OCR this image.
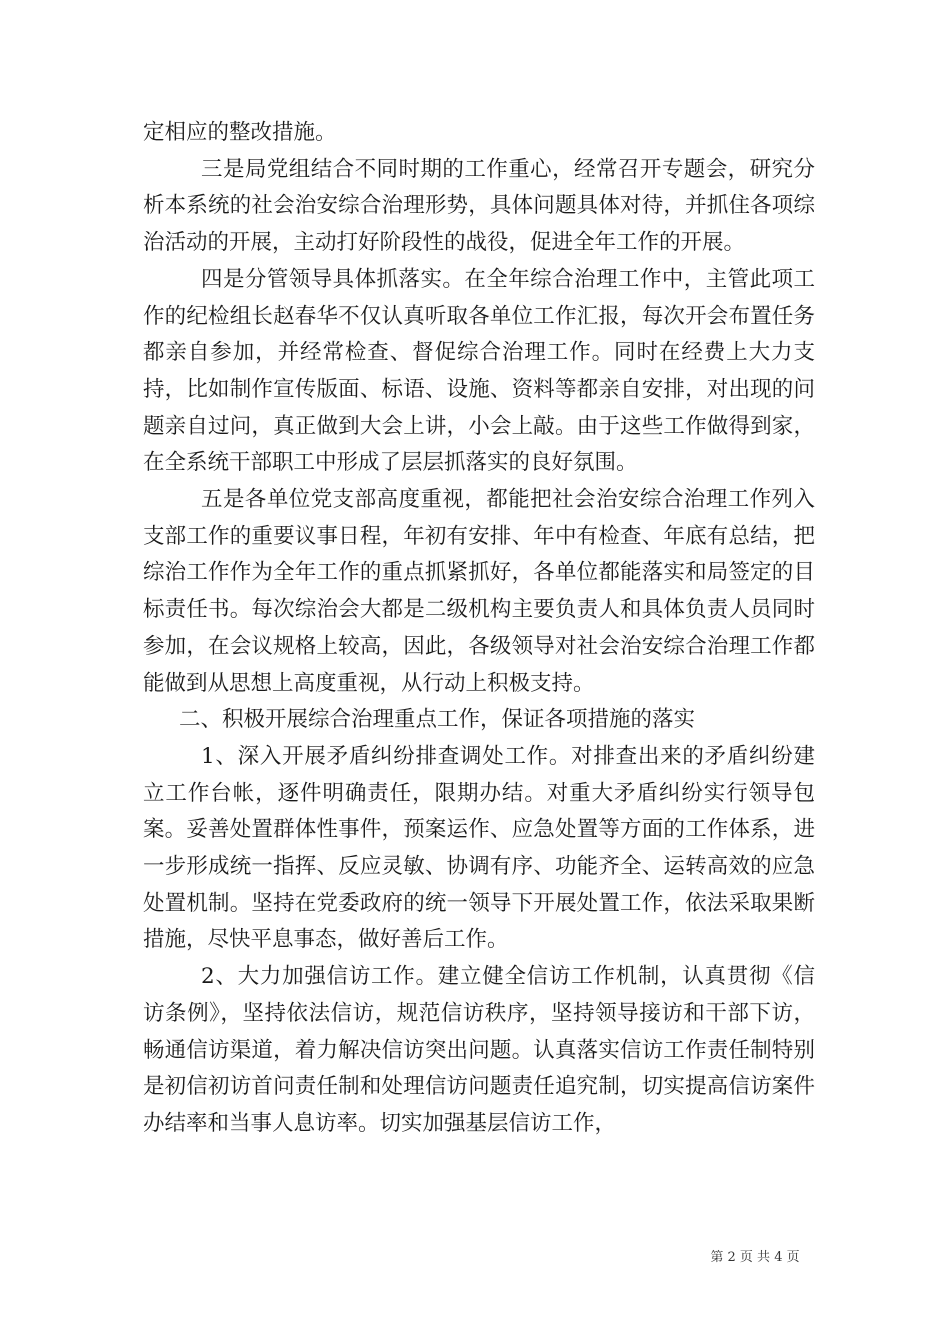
定相应的整改措施。

三是局党组结合不同时期的工作重心，经常召开专题会，研究分析本系统的社会治安综合治理形势，具体问题具体对待，并抓住各项综治活动的开展，主动打好阶段性的战役，促进全年工作的开展。

四是分管领导具体抓落实。在全年综合治理工作中，主管此项工作的纪检组长赵春华不仅认真听取各单位工作汇报，每次开会布置任务都亲自参加，并经常检查、督促综合治理工作。同时在经费上大力支持，比如制作宣传版面、标语、设施、资料等都亲自安排，对出现的问题亲自过问，真正做到大会上讲，小会上敲。由于这些工作做得到家，在全系统干部职工中形成了层层抓落实的良好氛围。

五是各单位党支部高度重视，都能把社会治安综合治理工作列入支部工作的重要议事日程，年初有安排、年中有检查、年底有总结，把综治工作作为全年工作的重点抓紧抓好，各单位都能落实和局签定的目标责任书。每次综治会大都是二级机构主要负责人和具体负责人员同时参加，在会议规格上较高，因此，各级领导对社会治安综合治理工作都能做到从思想上高度重视，从行动上积极支持。

二、积极开展综合治理重点工作，保证各项措施的落实

1、深入开展矛盾纠纷排查调处工作。对排查出来的矛盾纠纷建立工作台帐，逐件明确责任，限期办结。对重大矛盾纠纷实行领导包案。妥善处置群体性事件，预案运作、应急处置等方面的工作体系，进一步形成统一指挥、反应灵敏、协调有序、功能齐全、运转高效的应急处置机制。坚持在党委政府的统一领导下开展处置工作，依法采取果断措施，尽快平息事态，做好善后工作。

2、大力加强信访工作。建立健全信访工作机制，认真贯彻《信访条例》，坚持依法信访，规范信访秩序，坚持领导接访和干部下访，畅通信访渠道，着力解决信访突出问题。认真落实信访工作责任制特别是初信初访首问责任制和处理信访问题责任追究制，切实提高信访案件办结率和当事人息访率。切实加强基层信访工作，

第 2 页 共 4 页
